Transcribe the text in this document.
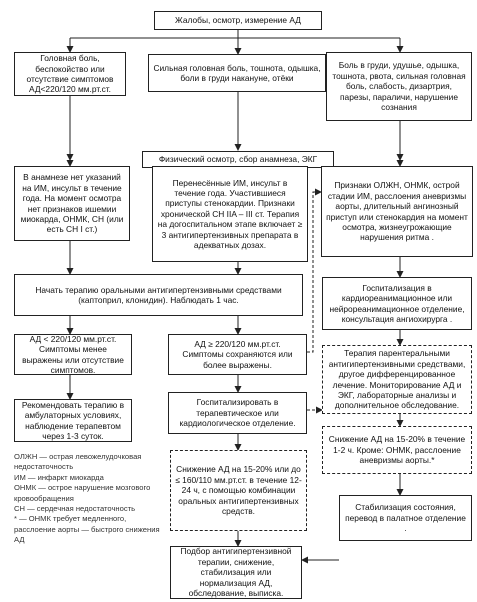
Жалобы, осмотр, измерение АД
Головная боль, беспокойство или отсутствие симптомов АД<220/120 мм.рт.ст.
Сильная головная боль, тошнота, одышка, боли в груди накануне, отёки
Боль в груди, удушье, одышка, тошнота, рвота, сильная головная боль, слабость, дизартрия, парезы, параличи, нарушение сознания
Физический осмотр, сбор анамнеза, ЭКГ
В анамнезе нет указаний на ИМ, инсульт в течение года. На момент осмотра нет признаков ишемии миокарда, ОНМК, СН (или есть СН I ст.)
Перенесённые ИМ, инсульт в течение года. Участившиеся приступы стенокардии. Признаки хронической СН IIA – III ст. Терапия на догоспитальном этапе включает ≥ 3 антигипертензивных препарата в адекватных дозах.
Признаки ОЛЖН, ОНМК, острой стадии ИМ, расслоения аневризмы аорты, длительный ангинозный приступ или стенокардия на момент осмотра, жизнеугрожающие нарушения ритма .
Начать терапию оральными антигипертензивными средствами (каптоприл, клонидин). Наблюдать 1 час.
Госпитализация в кардиореанимационное или нейрореанимационное отделение, консультация ангиохирурга .
АД < 220/120 мм.рт.ст. Симптомы менее выражены или отсутствие симптомов.
АД ≥ 220/120 мм.рт.ст. Симптомы сохраняются или более выражены.
Терапия парентеральными антигипертензивными средствами, другое дифференцированное лечение. Мониторирование АД и ЭКГ, лабораторные анализы и дополнительное обследование.
Рекомендовать терапию в амбулаторных условиях, наблюдение терапевтом через 1-3 суток.
Госпитализировать в терапевтическое или кардиологическое отделение.
Снижение АД на 15-20% в течение 1-2 ч. Кроме: ОНМК, расслоение аневризмы аорты.*
Снижение АД на 15-20% или до ≤ 160/110 мм.рт.ст. в течение 12-24 ч, с помощью комбинации оральных антигипертензивных средств.	Стабилизация состояния, перевод в палатное отделение .
Подбор антигипертензивной терапии, снижение, стабилизация или нормализация АД, обследование, выписка.
ОЛЖН — острая левожелудочковая недостаточность
ИМ — инфаркт миокарда
ОНМК — острое нарушение мозгового кровообращения
СН — сердечная недостаточность
* — ОНМК требует медленного, расслоение аорты — быстрого снижения АД
